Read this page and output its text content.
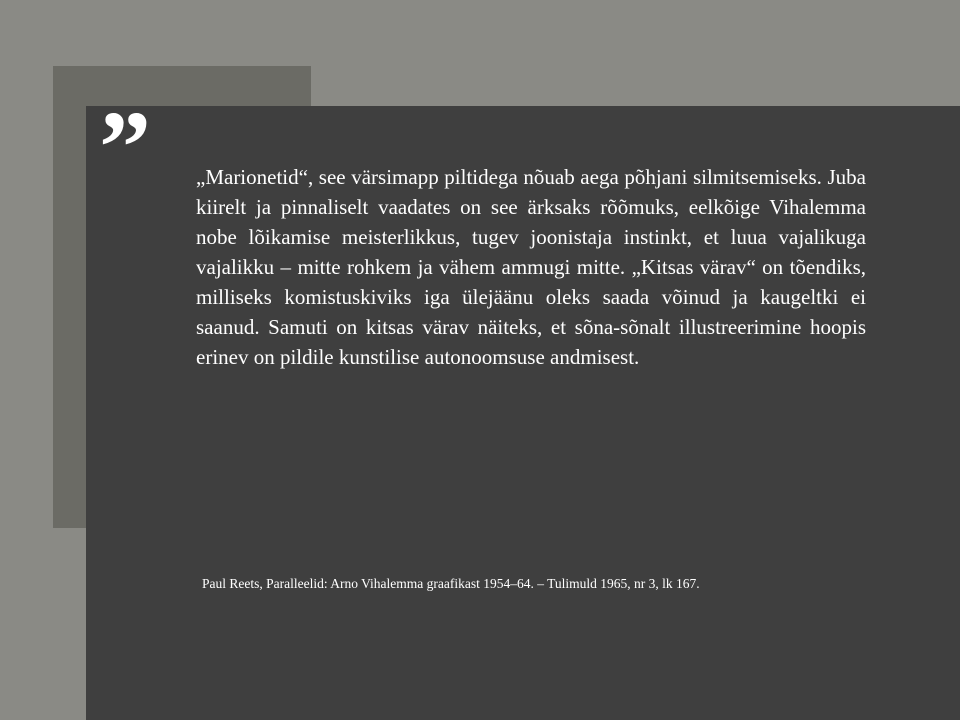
” „Marionetid“, see värsimapp piltidega nõuab aega põhjani silmitsemiseks. Juba kiirelt ja pinnaliselt vaadates on see ärksaks rõõmuks, eelkõige Vihalemma nobe lõikamise meisterlikkus, tugev joonistaja instinkt, et luua vajalikuga vajalikku – mitte rohkem ja vähem ammugi mitte. „Kitsas värav“ on tõendiks, milliseks komistuskiviks iga ülejäänu oleks saada võinud ja kaugeltki ei saanud. Samuti on kitsas värav näiteks, et sõna-sõnalt illustreerimine hoopis erinev on pildile kunstilise autonoomsuse andmisest.

Paul Reets, Paralleelid: Arno Vihalemma graafikast 1954–64. – Tulimuld 1965, nr 3, lk 167.
